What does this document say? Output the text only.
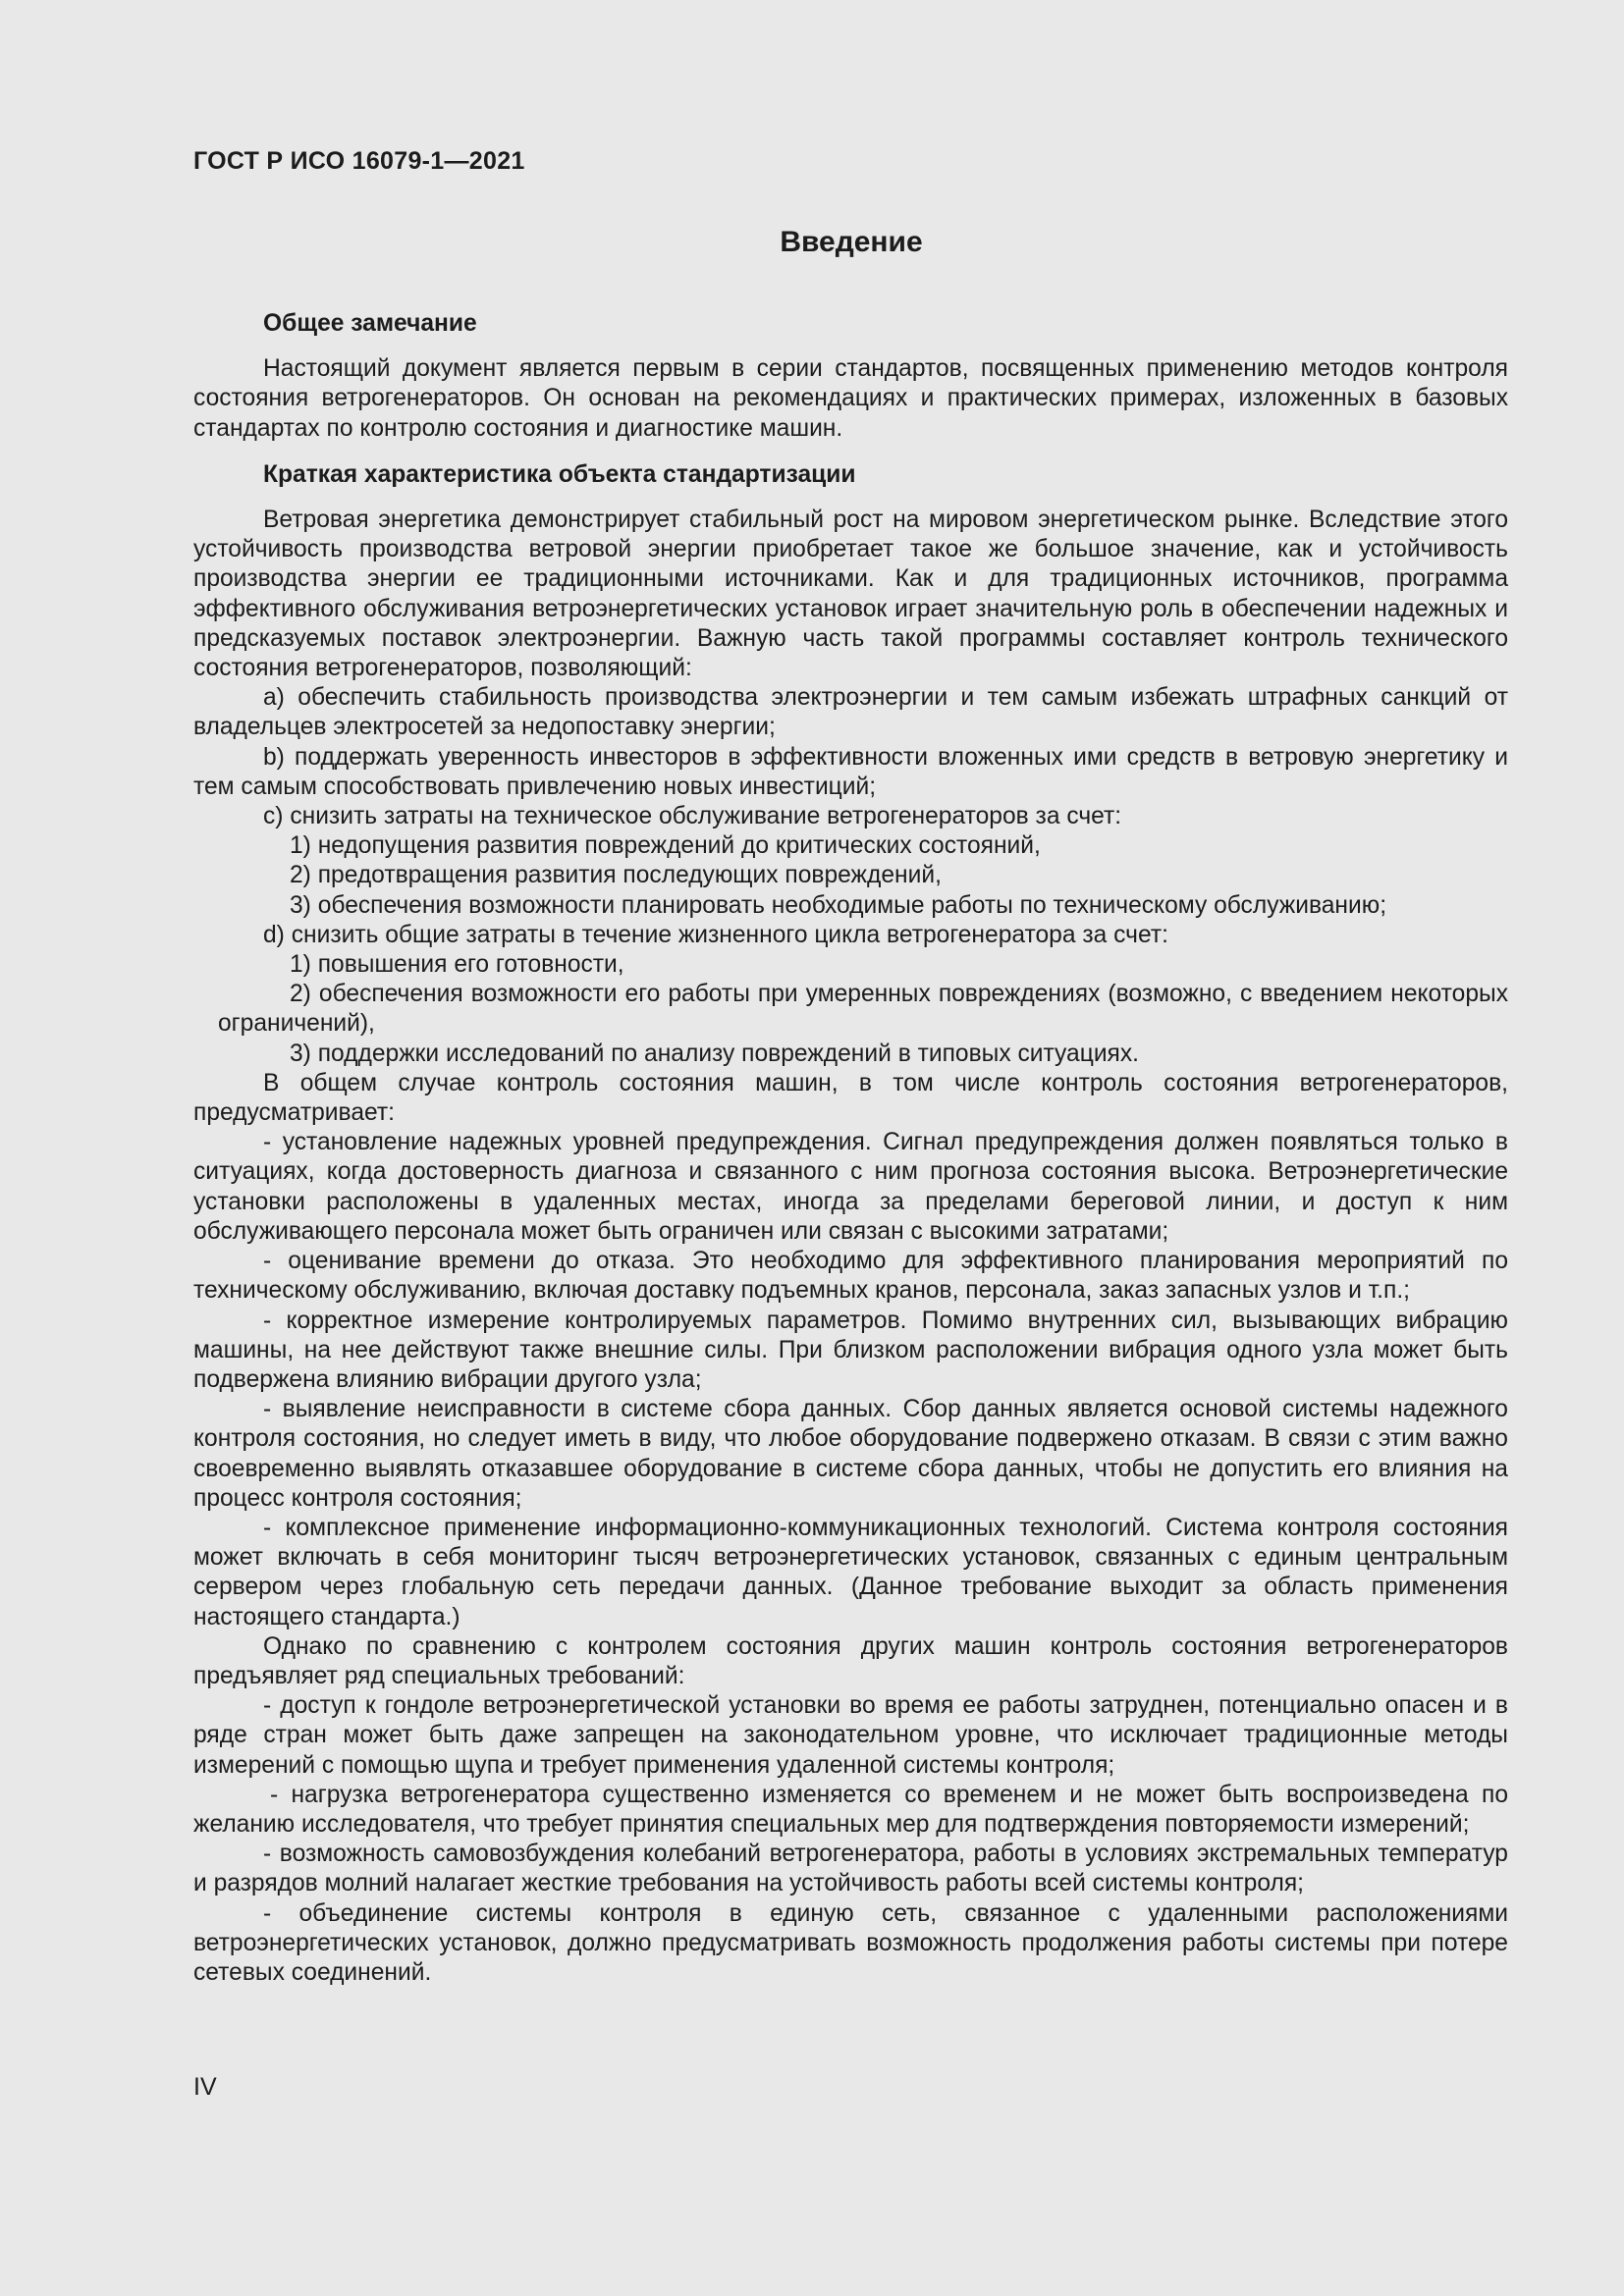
ГОСТ Р ИСО 16079-1—2021
Введение

Общее замечание

Настоящий документ является первым в серии стандартов, посвященных применению методов контроля состояния ветрогенераторов. Он основан на рекомендациях и практических примерах, изложенных в базовых стандартах по контролю состояния и диагностике машин.

Краткая характеристика объекта стандартизации

Ветровая энергетика демонстрирует стабильный рост на мировом энергетическом рынке. Вследствие этого устойчивость производства ветровой энергии приобретает такое же большое значение, как и устойчивость производства энергии ее традиционными источниками. Как и для традиционных источников, программа эффективного обслуживания ветроэнергетических установок играет значительную роль в обеспечении надежных и предсказуемых поставок электроэнергии. Важную часть такой программы составляет контроль технического состояния ветрогенераторов, позволяющий:

a) обеспечить стабильность производства электроэнергии и тем самым избежать штрафных санкций от владельцев электросетей за недопоставку энергии;

b) поддержать уверенность инвесторов в эффективности вложенных ими средств в ветровую энергетику и тем самым способствовать привлечению новых инвестиций;

c) снизить затраты на техническое обслуживание ветрогенераторов за счет:

1) недопущения развития повреждений до критических состояний,

2) предотвращения развития последующих повреждений,

3) обеспечения возможности планировать необходимые работы по техническому обслуживанию;

d) снизить общие затраты в течение жизненного цикла ветрогенератора за счет:

1) повышения его готовности,

2) обеспечения возможности его работы при умеренных повреждениях (возможно, с введением некоторых ограничений),

3) поддержки исследований по анализу повреждений в типовых ситуациях.

В общем случае контроль состояния машин, в том числе контроль состояния ветрогенераторов, предусматривает:

- установление надежных уровней предупреждения. Сигнал предупреждения должен появляться только в ситуациях, когда достоверность диагноза и связанного с ним прогноза состояния высока. Ветроэнергетические установки расположены в удаленных местах, иногда за пределами береговой линии, и доступ к ним обслуживающего персонала может быть ограничен или связан с высокими затратами;

- оценивание времени до отказа. Это необходимо для эффективного планирования мероприятий по техническому обслуживанию, включая доставку подъемных кранов, персонала, заказ запасных узлов и т.п.;

- корректное измерение контролируемых параметров. Помимо внутренних сил, вызывающих вибрацию машины, на нее действуют также внешние силы. При близком расположении вибрация одного узла может быть подвержена влиянию вибрации другого узла;

- выявление неисправности в системе сбора данных. Сбор данных является основой системы надежного контроля состояния, но следует иметь в виду, что любое оборудование подвержено отказам. В связи с этим важно своевременно выявлять отказавшее оборудование в системе сбора данных, чтобы не допустить его влияния на процесс контроля состояния;

- комплексное применение информационно-коммуникационных технологий. Система контроля состояния может включать в себя мониторинг тысяч ветроэнергетических установок, связанных с единым центральным сервером через глобальную сеть передачи данных. (Данное требование выходит за область применения настоящего стандарта.)

Однако по сравнению с контролем состояния других машин контроль состояния ветрогенераторов предъявляет ряд специальных требований:

- доступ к гондоле ветроэнергетической установки во время ее работы затруднен, потенциально опасен и в ряде стран может быть даже запрещен на законодательном уровне, что исключает традиционные методы измерений с помощью щупа и требует применения удаленной системы контроля;

- нагрузка ветрогенератора существенно изменяется со временем и не может быть воспроизведена по желанию исследователя, что требует принятия специальных мер для подтверждения повторяемости измерений;

- возможность самовозбуждения колебаний ветрогенератора, работы в условиях экстремальных температур и разрядов молний налагает жесткие требования на устойчивость работы всей системы контроля;

- объединение системы контроля в единую сеть, связанное с удаленными расположениями ветроэнергетических установок, должно предусматривать возможность продолжения работы системы при потере сетевых соединений.

IV
